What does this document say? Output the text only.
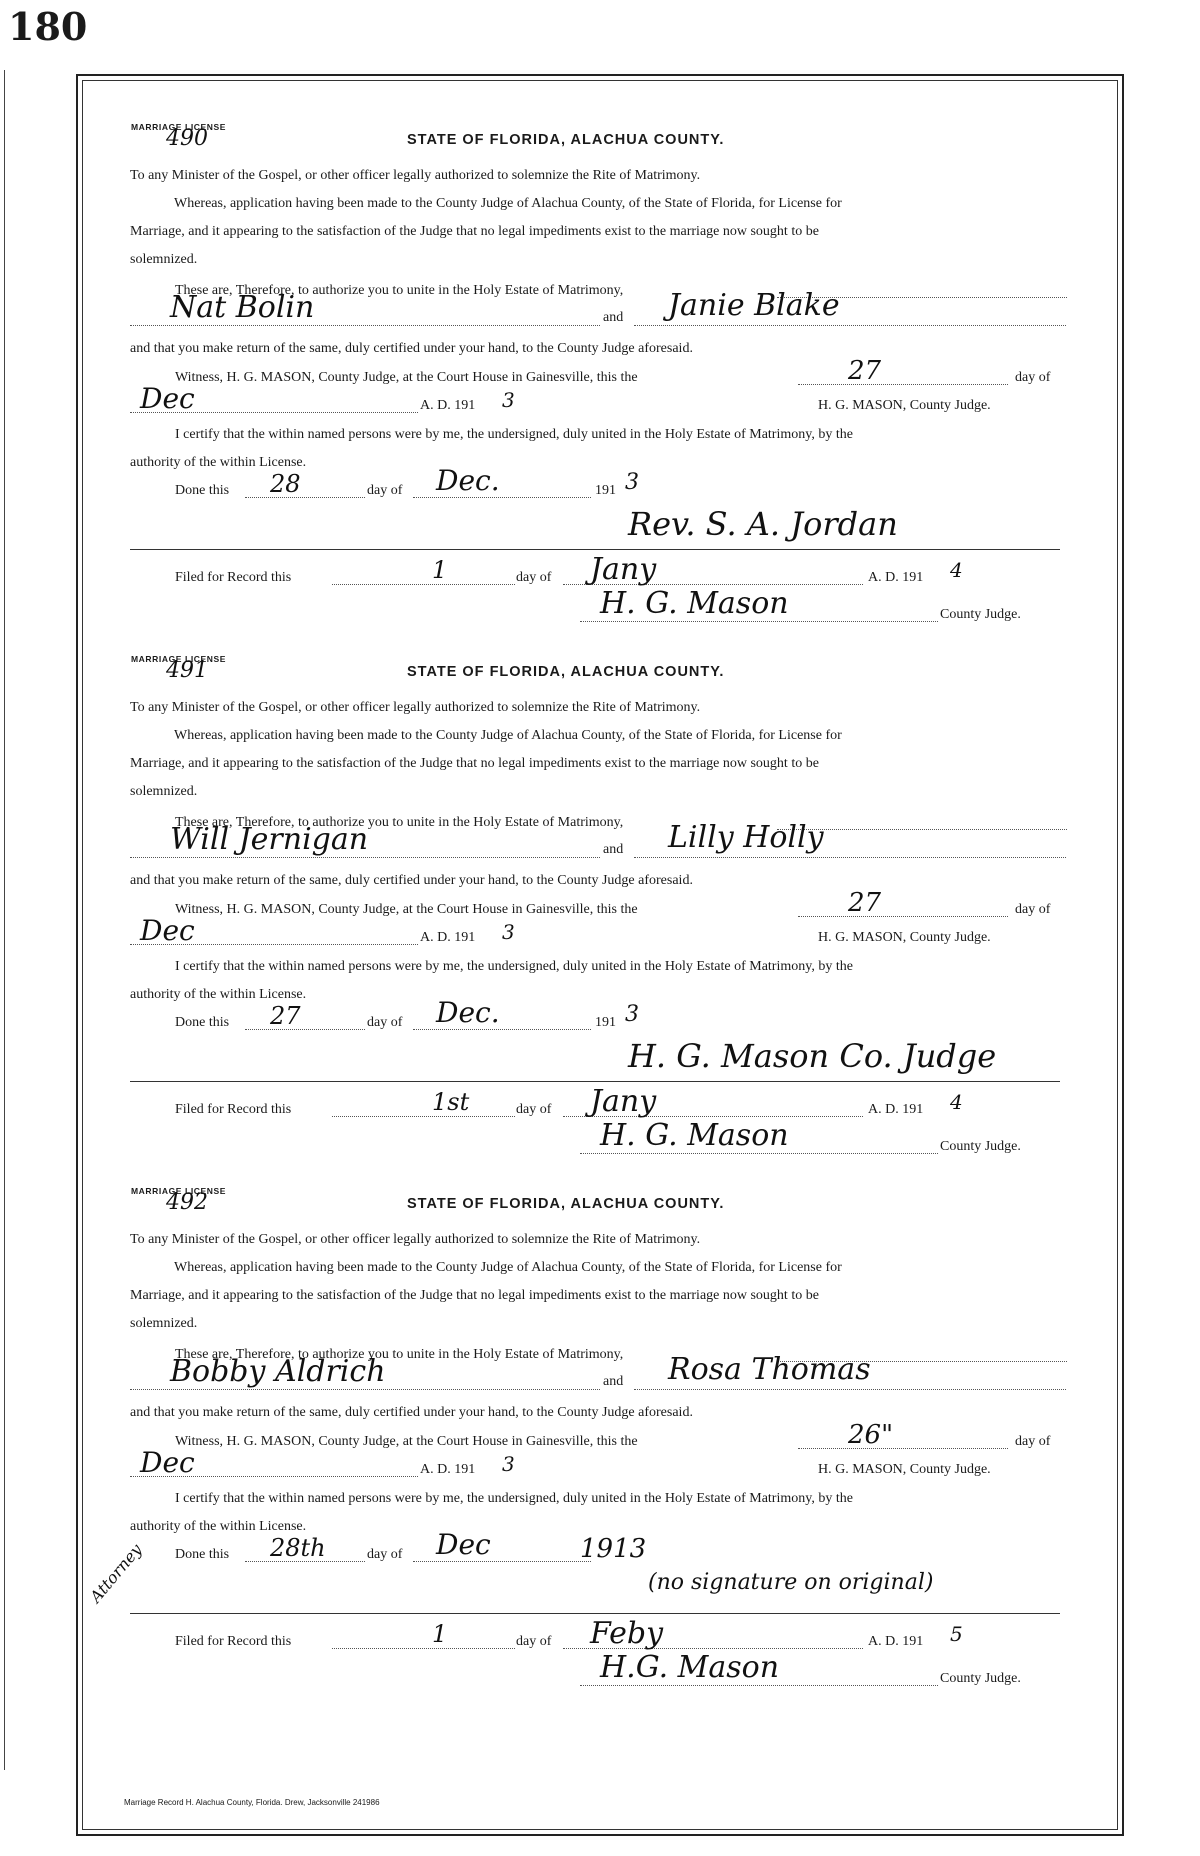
180
MARRIAGE LICENSE
490	STATE OF FLORIDA, ALACHUA COUNTY.
To any Minister of the Gospel, or other officer legally authorized to solemnize the Rite of Matrimony.
Whereas, application having been made to the County Judge of Alachua County, of the State of Florida, for License for
Marriage, and it appearing to the satisfaction of the Judge that no legal impediments exist to the marriage now sought to be
solemnized.
These are, Therefore, to authorize you to unite in the Holy Estate of Matrimony,
Nat Bolin	and Janie Blake
and that you make return of the same, duly certified under your hand, to the County Judge aforesaid.
Witness, H. G. MASON, County Judge, at the Court House in Gainesville, this the	27	day of
Dec	A. D. 191 3	H. G. MASON, County Judge.
I certify that the within named persons were by me, the undersigned, duly united in the Holy Estate of Matrimony, by the
authority of the within License.
Done this 28	day of Dec.	191 3
Rev. S. A. Jordan
Filed for Record this	1	day of Jany	A. D. 191 4
H. G. Mason	County Judge.
MARRIAGE LICENSE
491	STATE OF FLORIDA, ALACHUA COUNTY.
To any Minister of the Gospel, or other officer legally authorized to solemnize the Rite of Matrimony.
Whereas, application having been made to the County Judge of Alachua County, of the State of Florida, for License for
Marriage, and it appearing to the satisfaction of the Judge that no legal impediments exist to the marriage now sought to be
solemnized.
These are, Therefore, to authorize you to unite in the Holy Estate of Matrimony,
Will Jernigan	and Lilly Holly
and that you make return of the same, duly certified under your hand, to the County Judge aforesaid.
Witness, H. G. MASON, County Judge, at the Court House in Gainesville, this the	27	day of
Dec	A. D. 191 3	H. G. MASON, County Judge.
I certify that the within named persons were by me, the undersigned, duly united in the Holy Estate of Matrimony, by the
authority of the within License.
Done this 27	day of Dec.	191 3
H. G. Mason Co. Judge
Filed for Record this	1st	day of Jany	A. D. 191 4
H. G. Mason	County Judge.
MARRIAGE LICENSE
492	STATE OF FLORIDA, ALACHUA COUNTY.
To any Minister of the Gospel, or other officer legally authorized to solemnize the Rite of Matrimony.
Whereas, application having been made to the County Judge of Alachua County, of the State of Florida, for License for
Marriage, and it appearing to the satisfaction of the Judge that no legal impediments exist to the marriage now sought to be
solemnized.
These are, Therefore, to authorize you to unite in the Holy Estate of Matrimony,
Bobby Aldrich	and Rosa Thomas
and that you make return of the same, duly certified under your hand, to the County Judge aforesaid.
Witness, H. G. MASON, County Judge, at the Court House in Gainesville, this the	26"	day of
Dec	A. D. 191 3	H. G. MASON, County Judge.
I certify that the within named persons were by me, the undersigned, duly united in the Holy Estate of Matrimony, by the
authority of the within License.
Done this 28th	day of Dec	1913
Attorney	(no signature on original)
Filed for Record this	1	day of Feby	A. D. 191 5
H.G. Mason	County Judge.
Marriage Record H. Alachua County, Florida. Drew, Jacksonville 241986
